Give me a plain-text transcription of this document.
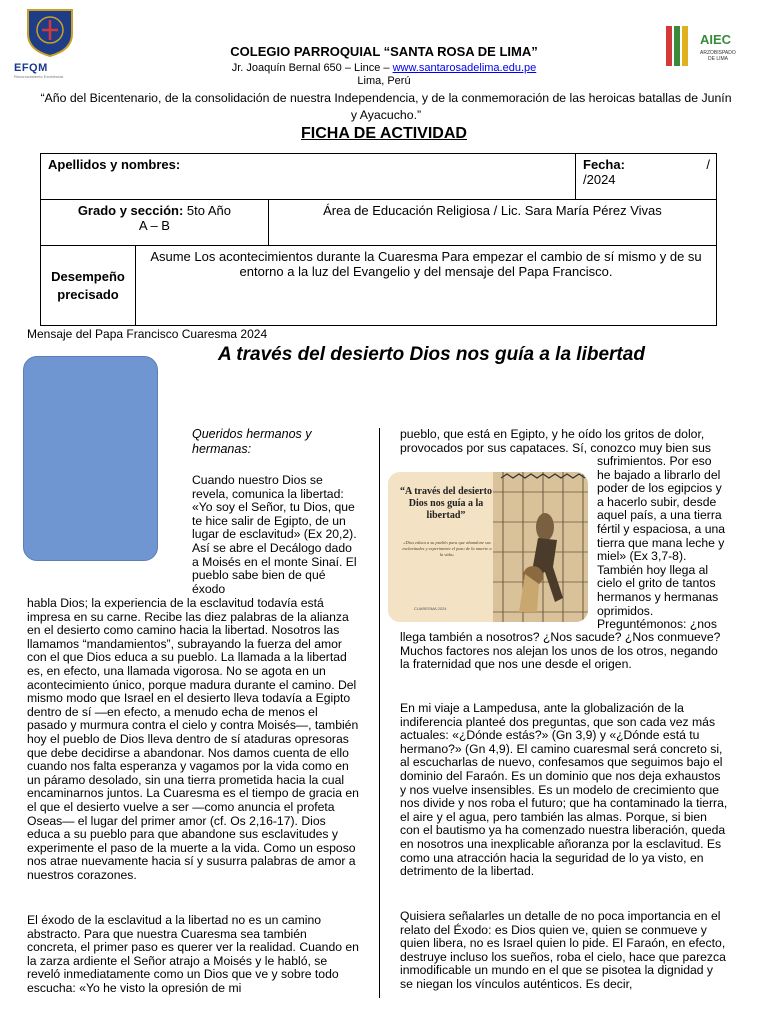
EFQM
Reconocimiento Excelencia
AIEC
ARZOBISPADO
DE LIMA
COLEGIO PARROQUIAL “SANTA ROSA DE LIMA”
Jr. Joaquín Bernal 650 – Lince – www.santarosadelima.edu.pe
Lima, Perú
“Año del Bicentenario, de la consolidación de nuestra Independencia, y de la conmemoración de las heroicas batallas de Junín y Ayacucho.”
FICHA DE ACTIVIDAD
Apellidos y nombres:			Fecha: /
/2024

Grado y sección: 5to Año
A – B		Área de Educación Religiosa / Lic. Sara María Pérez Vivas	
Desempeño precisado	Asume Los acontecimientos durante la Cuaresma Para empezar el cambio de sí mismo y de su entorno a la luz del Evangelio y del mensaje del Papa Francisco.		
Mensaje del Papa Francisco Cuaresma 2024
A través del desierto Dios nos guía a la libertad
Queridos hermanos y hermanas:

Cuando nuestro Dios se revela, comunica la libertad: «Yo soy el Señor, tu Dios, que te hice salir de Egipto, de un lugar de esclavitud» (Ex 20,2). Así se abre el Decálogo dado a Moisés en el monte Sinaí. El pueblo sabe bien de qué éxodo

habla Dios; la experiencia de la esclavitud todavía está impresa en su carne. Recibe las diez palabras de la alianza en el desierto como camino hacia la libertad. Nosotros las llamamos “mandamientos”, subrayando la fuerza del amor con el que Dios educa a su pueblo. La llamada a la libertad es, en efecto, una llamada vigorosa. No se agota en un acontecimiento único, porque madura durante el camino. Del mismo modo que Israel en el desierto lleva todavía a Egipto dentro de sí —en efecto, a menudo echa de menos el pasado y murmura contra el cielo y contra Moisés—, también hoy el pueblo de Dios lleva dentro de sí ataduras opresoras que debe decidirse a abandonar. Nos damos cuenta de ello cuando nos falta esperanza y vagamos por la vida como en un páramo desolado, sin una tierra prometida hacia la cual encaminarnos juntos. La Cuaresma es el tiempo de gracia en el que el desierto vuelve a ser —como anuncia el profeta Oseas— el lugar del primer amor (cf. Os 2,16-17). Dios educa a su pueblo para que abandone sus esclavitudes y experimente el paso de la muerte a la vida. Como un esposo nos atrae nuevamente hacia sí y susurra palabras de amor a nuestros corazones.

El éxodo de la esclavitud a la libertad no es un camino abstracto. Para que nuestra Cuaresma sea también concreta, el primer paso es querer ver la realidad. Cuando en la zarza ardiente el Señor atrajo a Moisés y le habló, se reveló inmediatamente como un Dios que ve y sobre todo escucha: «Yo he visto la opresión de mi

pueblo, que está en Egipto, y he oído los gritos de dolor, provocados por sus capataces. Sí, conozco muy bien sus

“A través del desierto Dios nos guía a la libertad”
«Dios educa a su pueblo para que abandone sus esclavitudes y experimente el paso de la muerte a la vida»
CUARESMA 2024

sufrimientos. Por eso he bajado a librarlo del poder de los egipcios y a hacerlo subir, desde aquel país, a una tierra fértil y espaciosa, a una tierra que mana leche y miel» (Ex 3,7-8). También hoy llega al cielo el grito de tantos hermanos y hermanas oprimidos. Preguntémonos: ¿nos

llega también a nosotros? ¿Nos sacude? ¿Nos conmueve? Muchos factores nos alejan los unos de los otros, negando la fraternidad que nos une desde el origen.

En mi viaje a Lampedusa, ante la globalización de la indiferencia planteé dos preguntas, que son cada vez más actuales: «¿Dónde estás?» (Gn 3,9) y «¿Dónde está tu hermano?» (Gn 4,9). El camino cuaresmal será concreto si, al escucharlas de nuevo, confesamos que seguimos bajo el dominio del Faraón. Es un dominio que nos deja exhaustos y nos vuelve insensibles. Es un modelo de crecimiento que nos divide y nos roba el futuro; que ha contaminado la tierra, el aire y el agua, pero también las almas. Porque, si bien con el bautismo ya ha comenzado nuestra liberación, queda en nosotros una inexplicable añoranza por la esclavitud. Es como una atracción hacia la seguridad de lo ya visto, en detrimento de la libertad.

Quisiera señalarles un detalle de no poca importancia en el relato del Éxodo: es Dios quien ve, quien se conmueve y quien libera, no es Israel quien lo pide. El Faraón, en efecto, destruye incluso los sueños, roba el cielo, hace que parezca inmodificable un mundo en el que se pisotea la dignidad y se niegan los vínculos auténticos. Es decir,
